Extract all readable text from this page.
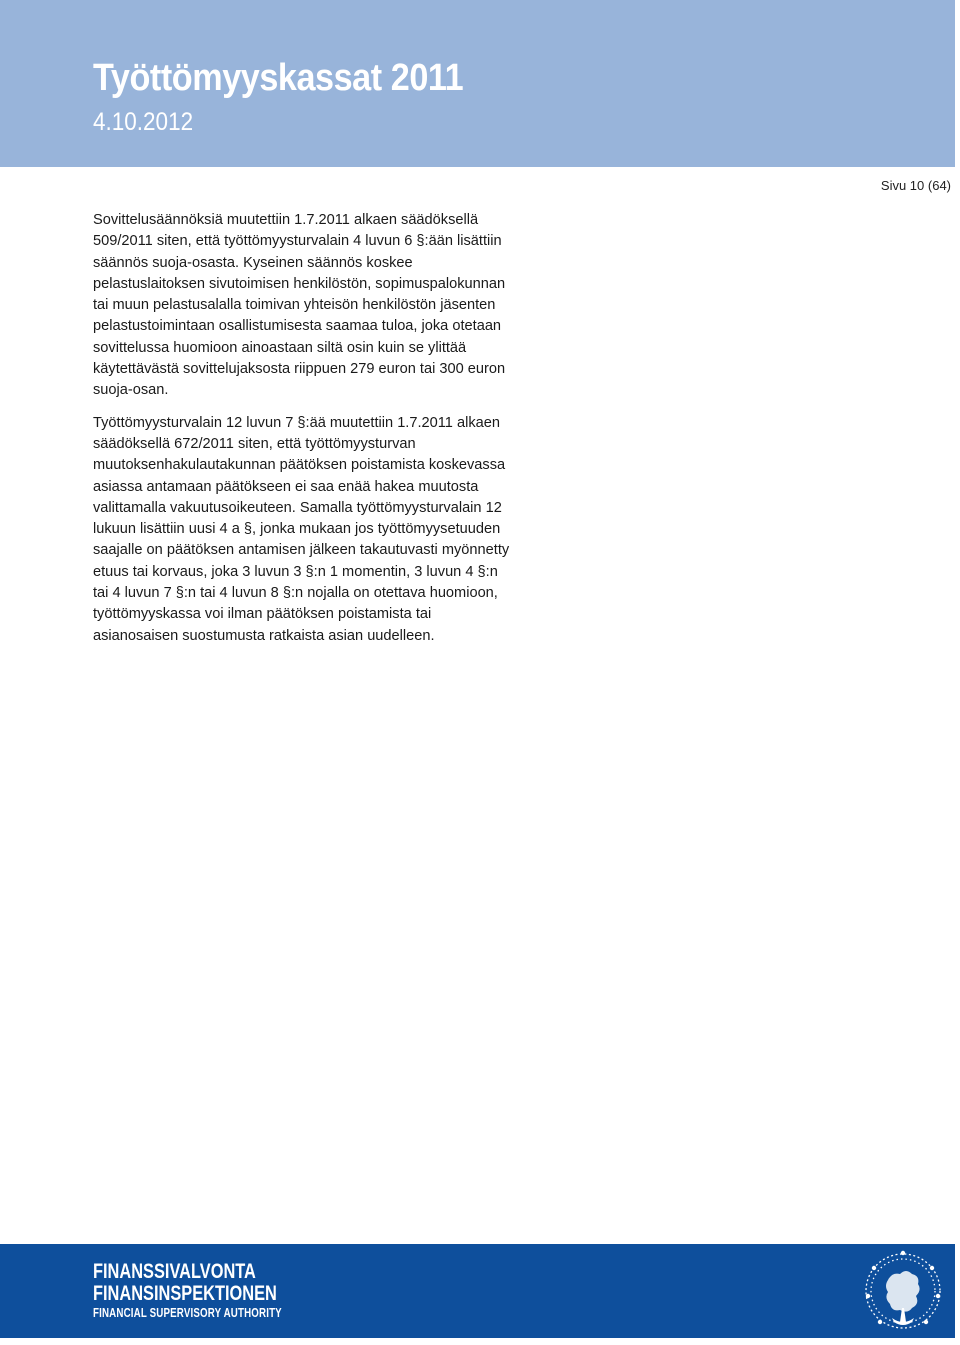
Työttömyyskassat 2011
4.10.2012
Sivu 10 (64)

Sovittelusäännöksiä muutettiin 1.7.2011 alkaen säädöksellä 509/2011 siten, että työttömyysturvalain 4 luvun 6 §:ään lisättiin säännös suoja-osasta. Kyseinen säännös koskee pelastuslaitoksen sivutoimisen henkilöstön, sopimuspalokunnan tai muun pelastusalalla toimivan yhteisön henkilöstön jäsenten pelastustoimintaan osallistumisesta saamaa tuloa, joka otetaan sovittelussa huomioon ainoastaan siltä osin kuin se ylittää käytettävästä sovittelujaksosta riippuen 279 euron tai 300 euron suoja-osan.

Työttömyysturvalain 12 luvun 7 §:ää muutettiin 1.7.2011 alkaen säädöksellä 672/2011 siten, että työttömyysturvan muutoksenhakulautakunnan päätöksen poistamista koskevassa asiassa antamaan päätökseen ei saa enää hakea muutosta valittamalla vakuutusoikeuteen. Samalla työttömyysturvalain 12 lukuun lisättiin uusi 4 a §, jonka mukaan jos työttömyysetuuden saajalle on päätöksen antamisen jälkeen takautuvasti myönnetty etuus tai korvaus, joka 3 luvun 3 §:n 1 momentin, 3 luvun 4 §:n tai 4 luvun 7 §:n tai 4 luvun 8 §:n nojalla on otettava huomioon, työttömyyskassa voi ilman päätöksen poistamista tai asianosaisen suostumusta ratkaista asian uudelleen.

FINANSSIVALVONTA
FINANSINSPEKTIONEN
FINANCIAL SUPERVISORY AUTHORITY
